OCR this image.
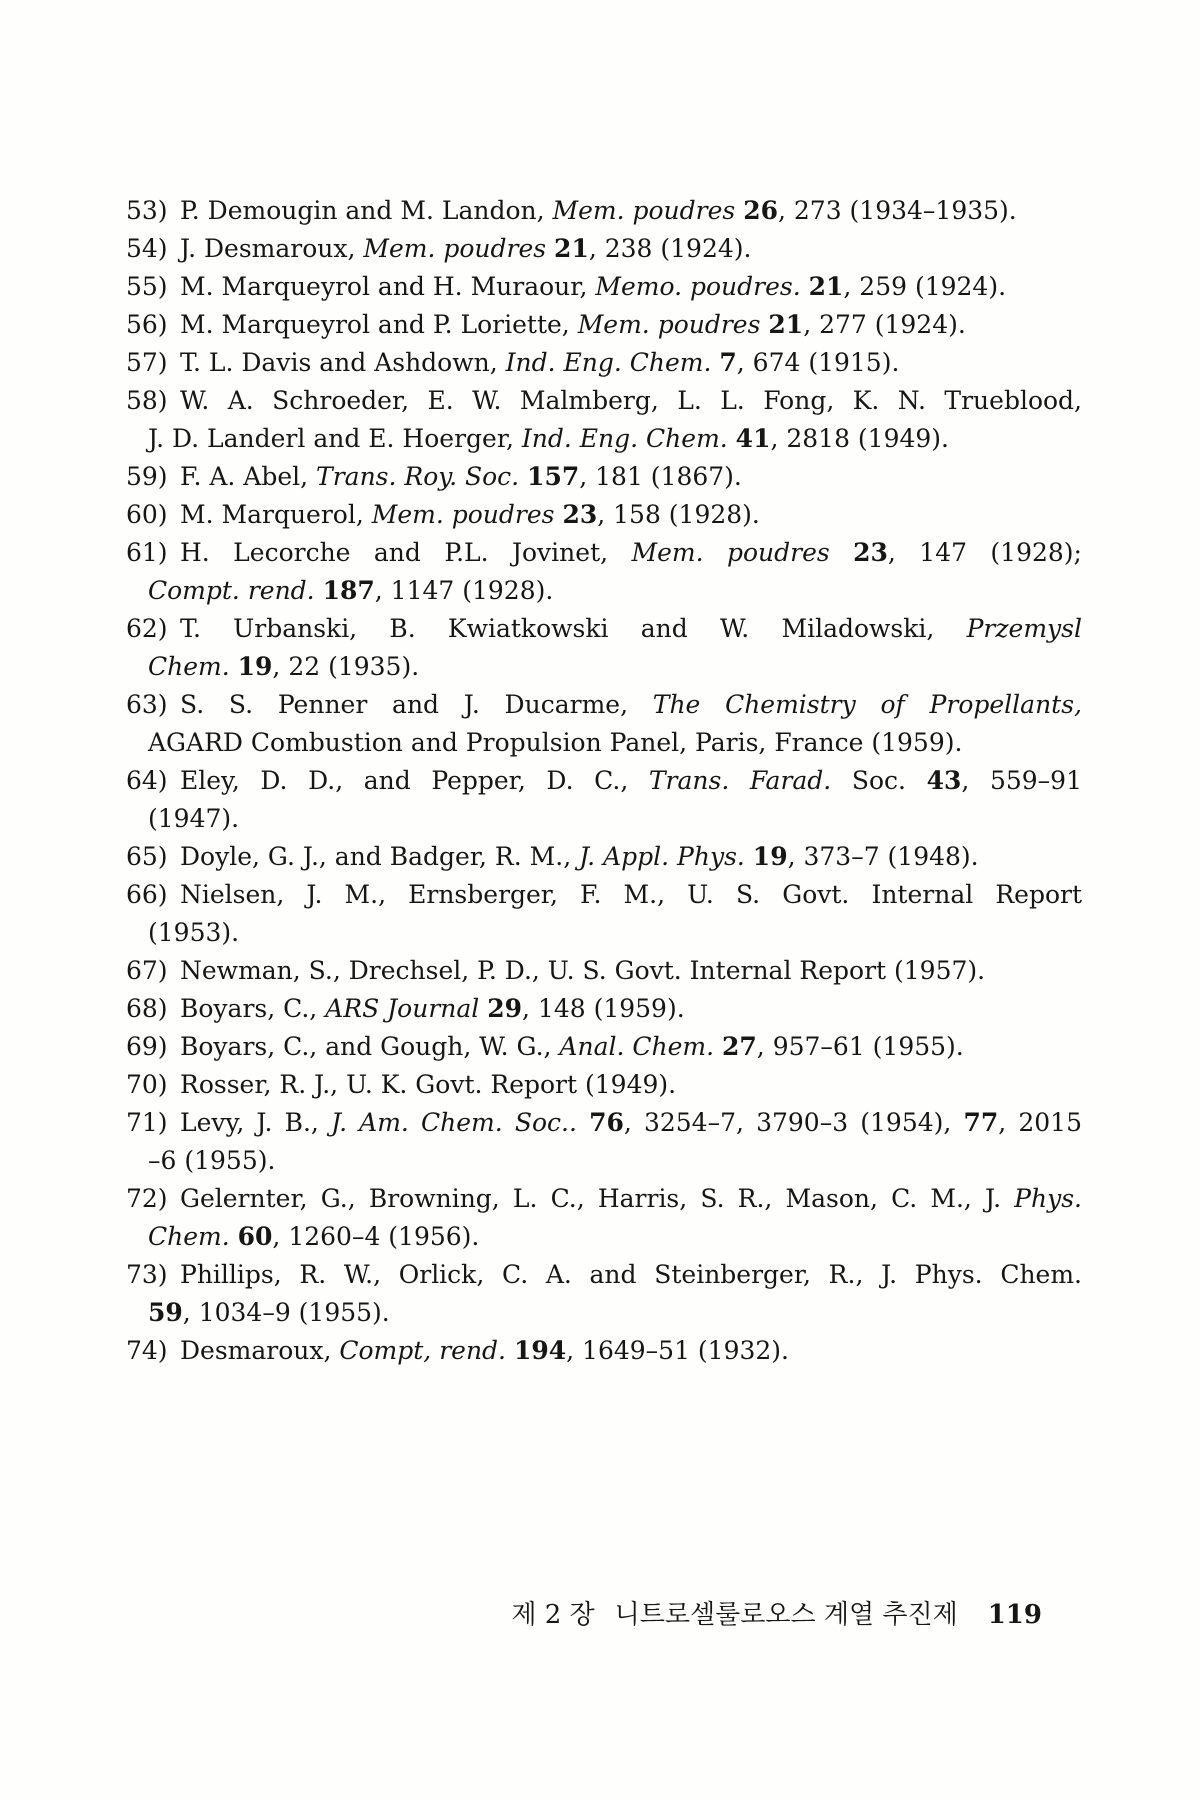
53) P. Demougin and M. Landon, Mem. poudres 26, 273 (1934–1935).
54) J. Desmaroux, Mem. poudres 21, 238 (1924).
55) M. Marqueyrol and H. Muraour, Memo. poudres. 21, 259 (1924).
56) M. Marqueyrol and P. Loriette, Mem. poudres 21, 277 (1924).
57) T. L. Davis and Ashdown, Ind. Eng. Chem. 7, 674 (1915).
58) W. A. Schroeder, E. W. Malmberg, L. L. Fong, K. N. Trueblood,
J. D. Landerl and E. Hoerger, Ind. Eng. Chem. 41, 2818 (1949).
59) F. A. Abel, Trans. Roy. Soc. 157, 181 (1867).
60) M. Marquerol, Mem. poudres 23, 158 (1928).
61) H. Lecorche and P.L. Jovinet, Mem. poudres 23, 147 (1928);
Compt. rend. 187, 1147 (1928).
62) T. Urbanski, B. Kwiatkowski and W. Miladowski, Przemysl
Chem. 19, 22 (1935).
63) S. S. Penner and J. Ducarme, The Chemistry of Propellants,
AGARD Combustion and Propulsion Panel, Paris, France (1959).
64) Eley, D. D., and Pepper, D. C., Trans. Farad. Soc. 43, 559–91
(1947).
65) Doyle, G. J., and Badger, R. M., J. Appl. Phys. 19, 373–7 (1948).
66) Nielsen, J. M., Ernsberger, F. M., U. S. Govt. Internal Report
(1953).
67) Newman, S., Drechsel, P. D., U. S. Govt. Internal Report (1957).
68) Boyars, C., ARS Journal 29, 148 (1959).
69) Boyars, C., and Gough, W. G., Anal. Chem. 27, 957–61 (1955).
70) Rosser, R. J., U. K. Govt. Report (1949).
71) Levy, J. B., J. Am. Chem. Soc.. 76, 3254–7, 3790–3 (1954), 77, 2015
–6 (1955).
72) Gelernter, G., Browning, L. C., Harris, S. R., Mason, C. M., J. Phys.
Chem. 60, 1260–4 (1956).
73) Phillips, R. W., Orlick, C. A. and Steinberger, R., J. Phys. Chem.
59, 1034–9 (1955).
74) Desmaroux, Compt, rend. 194, 1649–51 (1932).
제 2 장 니트로셀룰로오스 계열 추진제 119
